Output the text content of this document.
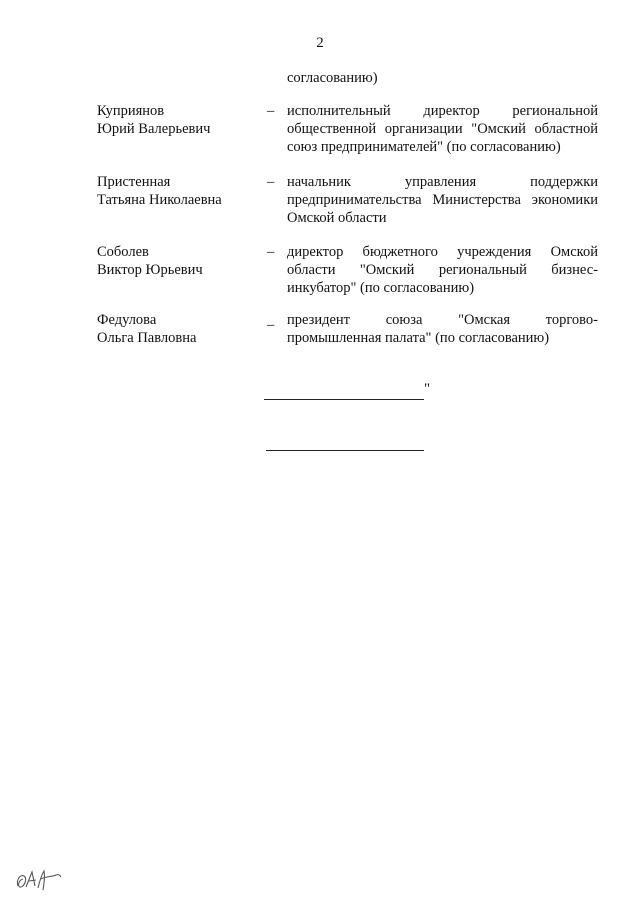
2
согласованию)
Куприянов
Юрий Валерьевич
– исполнительный директор региональной
общественной организации "Омский областной
союз предпринимателей" (по согласованию)
Пристенная
Татьяна Николаевна
– начальник управления поддержки
предпринимательства Министерства экономики
Омской области
Соболев
Виктор Юрьевич
– директор бюджетного учреждения Омской
области "Омский региональный бизнес-
инкубатор" (по согласованию)
Федулова
Ольга Павловна
_ президент союза "Омская торгово-
промышленная палата" (по согласованию)
"
